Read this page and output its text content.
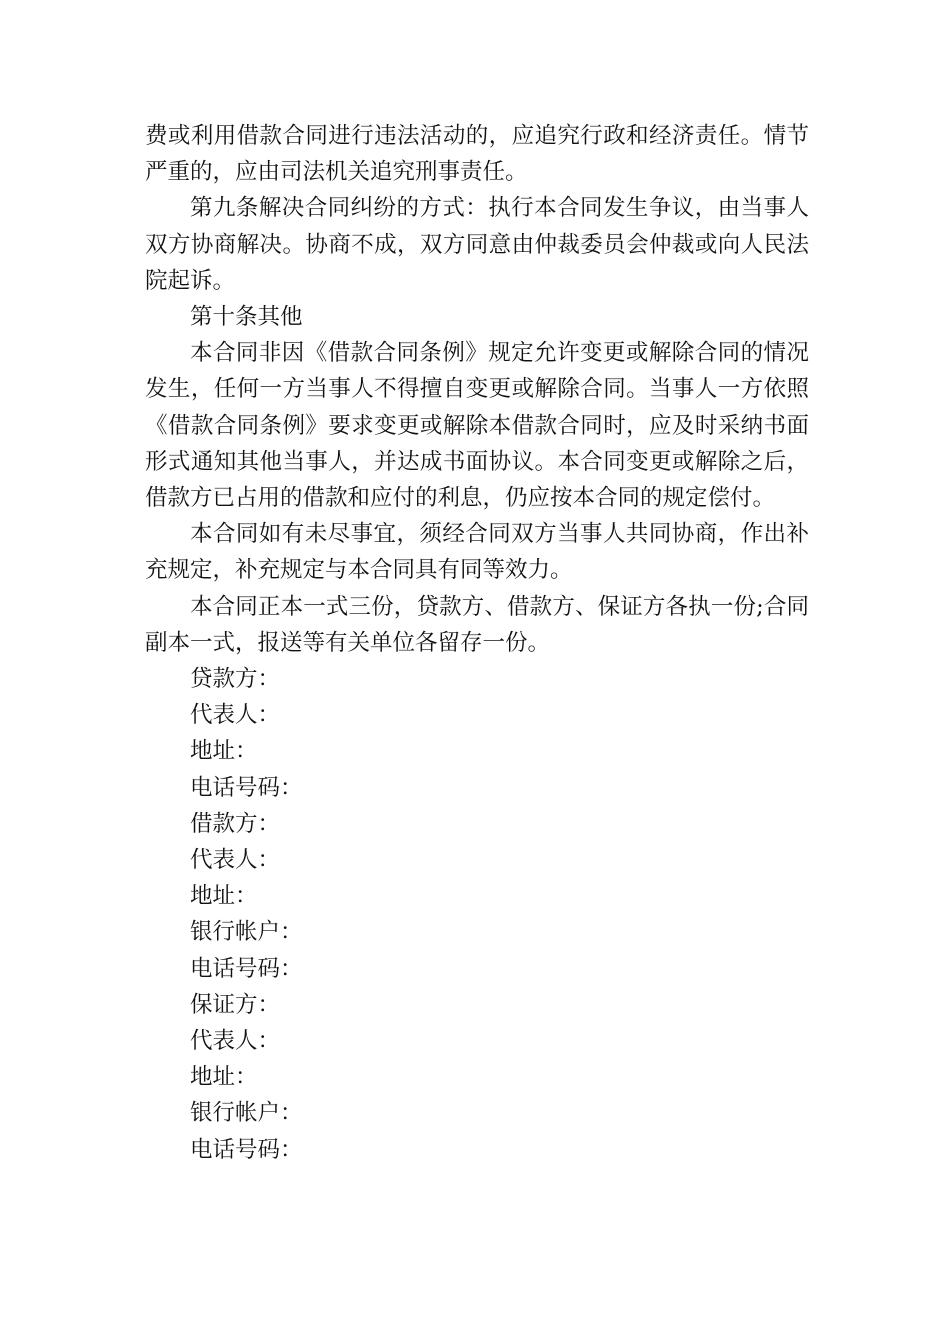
费或利用借款合同进行违法活动的，应追究行政和经济责任。情节严重的，应由司法机关追究刑事责任。

第九条解决合同纠纷的方式：执行本合同发生争议，由当事人双方协商解决。协商不成，双方同意由仲裁委员会仲裁或向人民法院起诉。

第十条其他

本合同非因《借款合同条例》规定允许变更或解除合同的情况发生，任何一方当事人不得擅自变更或解除合同。当事人一方依照《借款合同条例》要求变更或解除本借款合同时，应及时采纳书面形式通知其他当事人，并达成书面协议。本合同变更或解除之后，借款方已占用的借款和应付的利息，仍应按本合同的规定偿付。

本合同如有未尽事宜，须经合同双方当事人共同协商，作出补充规定，补充规定与本合同具有同等效力。

本合同正本一式三份，贷款方、借款方、保证方各执一份;合同副本一式，报送等有关单位各留存一份。

贷款方：
代表人：
地址：
电话号码：
借款方：
代表人：
地址：
银行帐户：
电话号码：
保证方：
代表人：
地址：
银行帐户：
电话号码：
